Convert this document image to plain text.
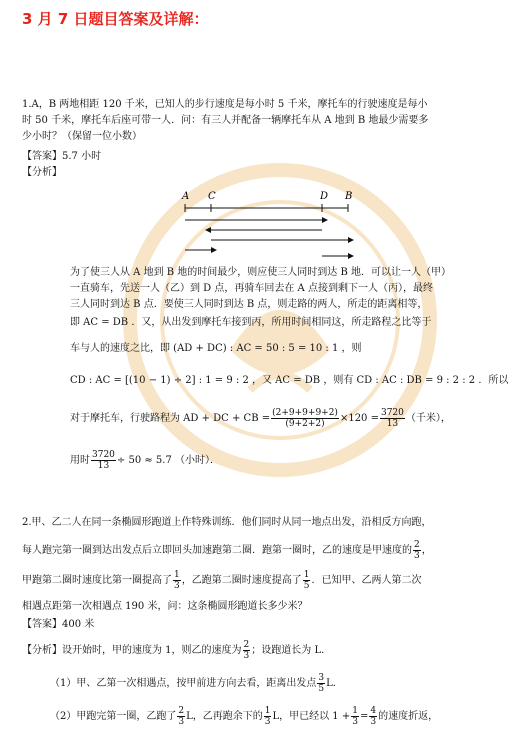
3 月 7 日题目答案及详解：
1.A，B 两地相距 120 千米，已知人的步行速度是每小时 5 千米，摩托车的行驶速度是每小
时 50 千米，摩托车后座可带一人．问：有三人并配备一辆摩托车从 A 地到 B 地最少需要多
少小时？（保留一位小数）
【答案】5.7 小时
【分析】
A C	D B
为了使三人从 A 地到 B 地的时间最少，则应使三人同时到达 B 地．可以让一人（甲）
一直骑车，先送一人（乙）到 D 点，再骑车回去在 A 点接到剩下一人（丙），最终
三人同时到达 B 点．要使三人同时到达 B 点，则走路的两人，所走的距离相等，
即 AC = DB ．又，从出发到摩托车接到丙，所用时间相同这，所走路程之比等于
车与人的速度之比，即 (AD + DC) : AC = 50 : 5 = 10 : 1 ，则
CD : AC = [(10 − 1) ÷ 2] : 1 = 9 : 2 ，又 AC = DB ，则有 CD : AC : DB = 9 : 2 : 2 ．所以
对于摩托车，行驶路程为 AD + DC + CB = $\frac{(2+9+9+9+2)}{(9+2+2)} \times 120 = \frac{3720}{13}$ （千米），
用时 $\frac{3720}{13} \div 50 \approx 5.7$ （小时）．
2.甲、乙二人在同一条椭圆形跑道上作特殊训练．他们同时从同一地点出发，沿相反方向跑，
每人跑完第一圈到达出发点后立即回头加速跑第二圈．跑第一圈时，乙的速度是甲速度的 $\frac{2}{3}$ ，
甲跑第二圈时速度比第一圈提高了 $\frac{1}{3}$ ，乙跑第二圈时速度提高了 $\frac{1}{5}$ ．已知甲、乙两人第二次
相遇点距第一次相遇点 190 米，问：这条椭圆形跑道长多少米？
【答案】400 米
【分析】设开始时，甲的速度为 1，则乙的速度为 $\frac{2}{3}$ ；设跑道长为 L．
（1）甲、乙第一次相遇点，按甲前进方向去看，距离出发点 $\frac{3}{5}$ L．
（2）甲跑完第一圈，乙跑了 $\frac{2}{3}$ L，乙再跑余下的 $\frac{1}{3}$ L，甲已经以 $1 + \frac{1}{3} = \frac{4}{3}$ 的速度折返，
